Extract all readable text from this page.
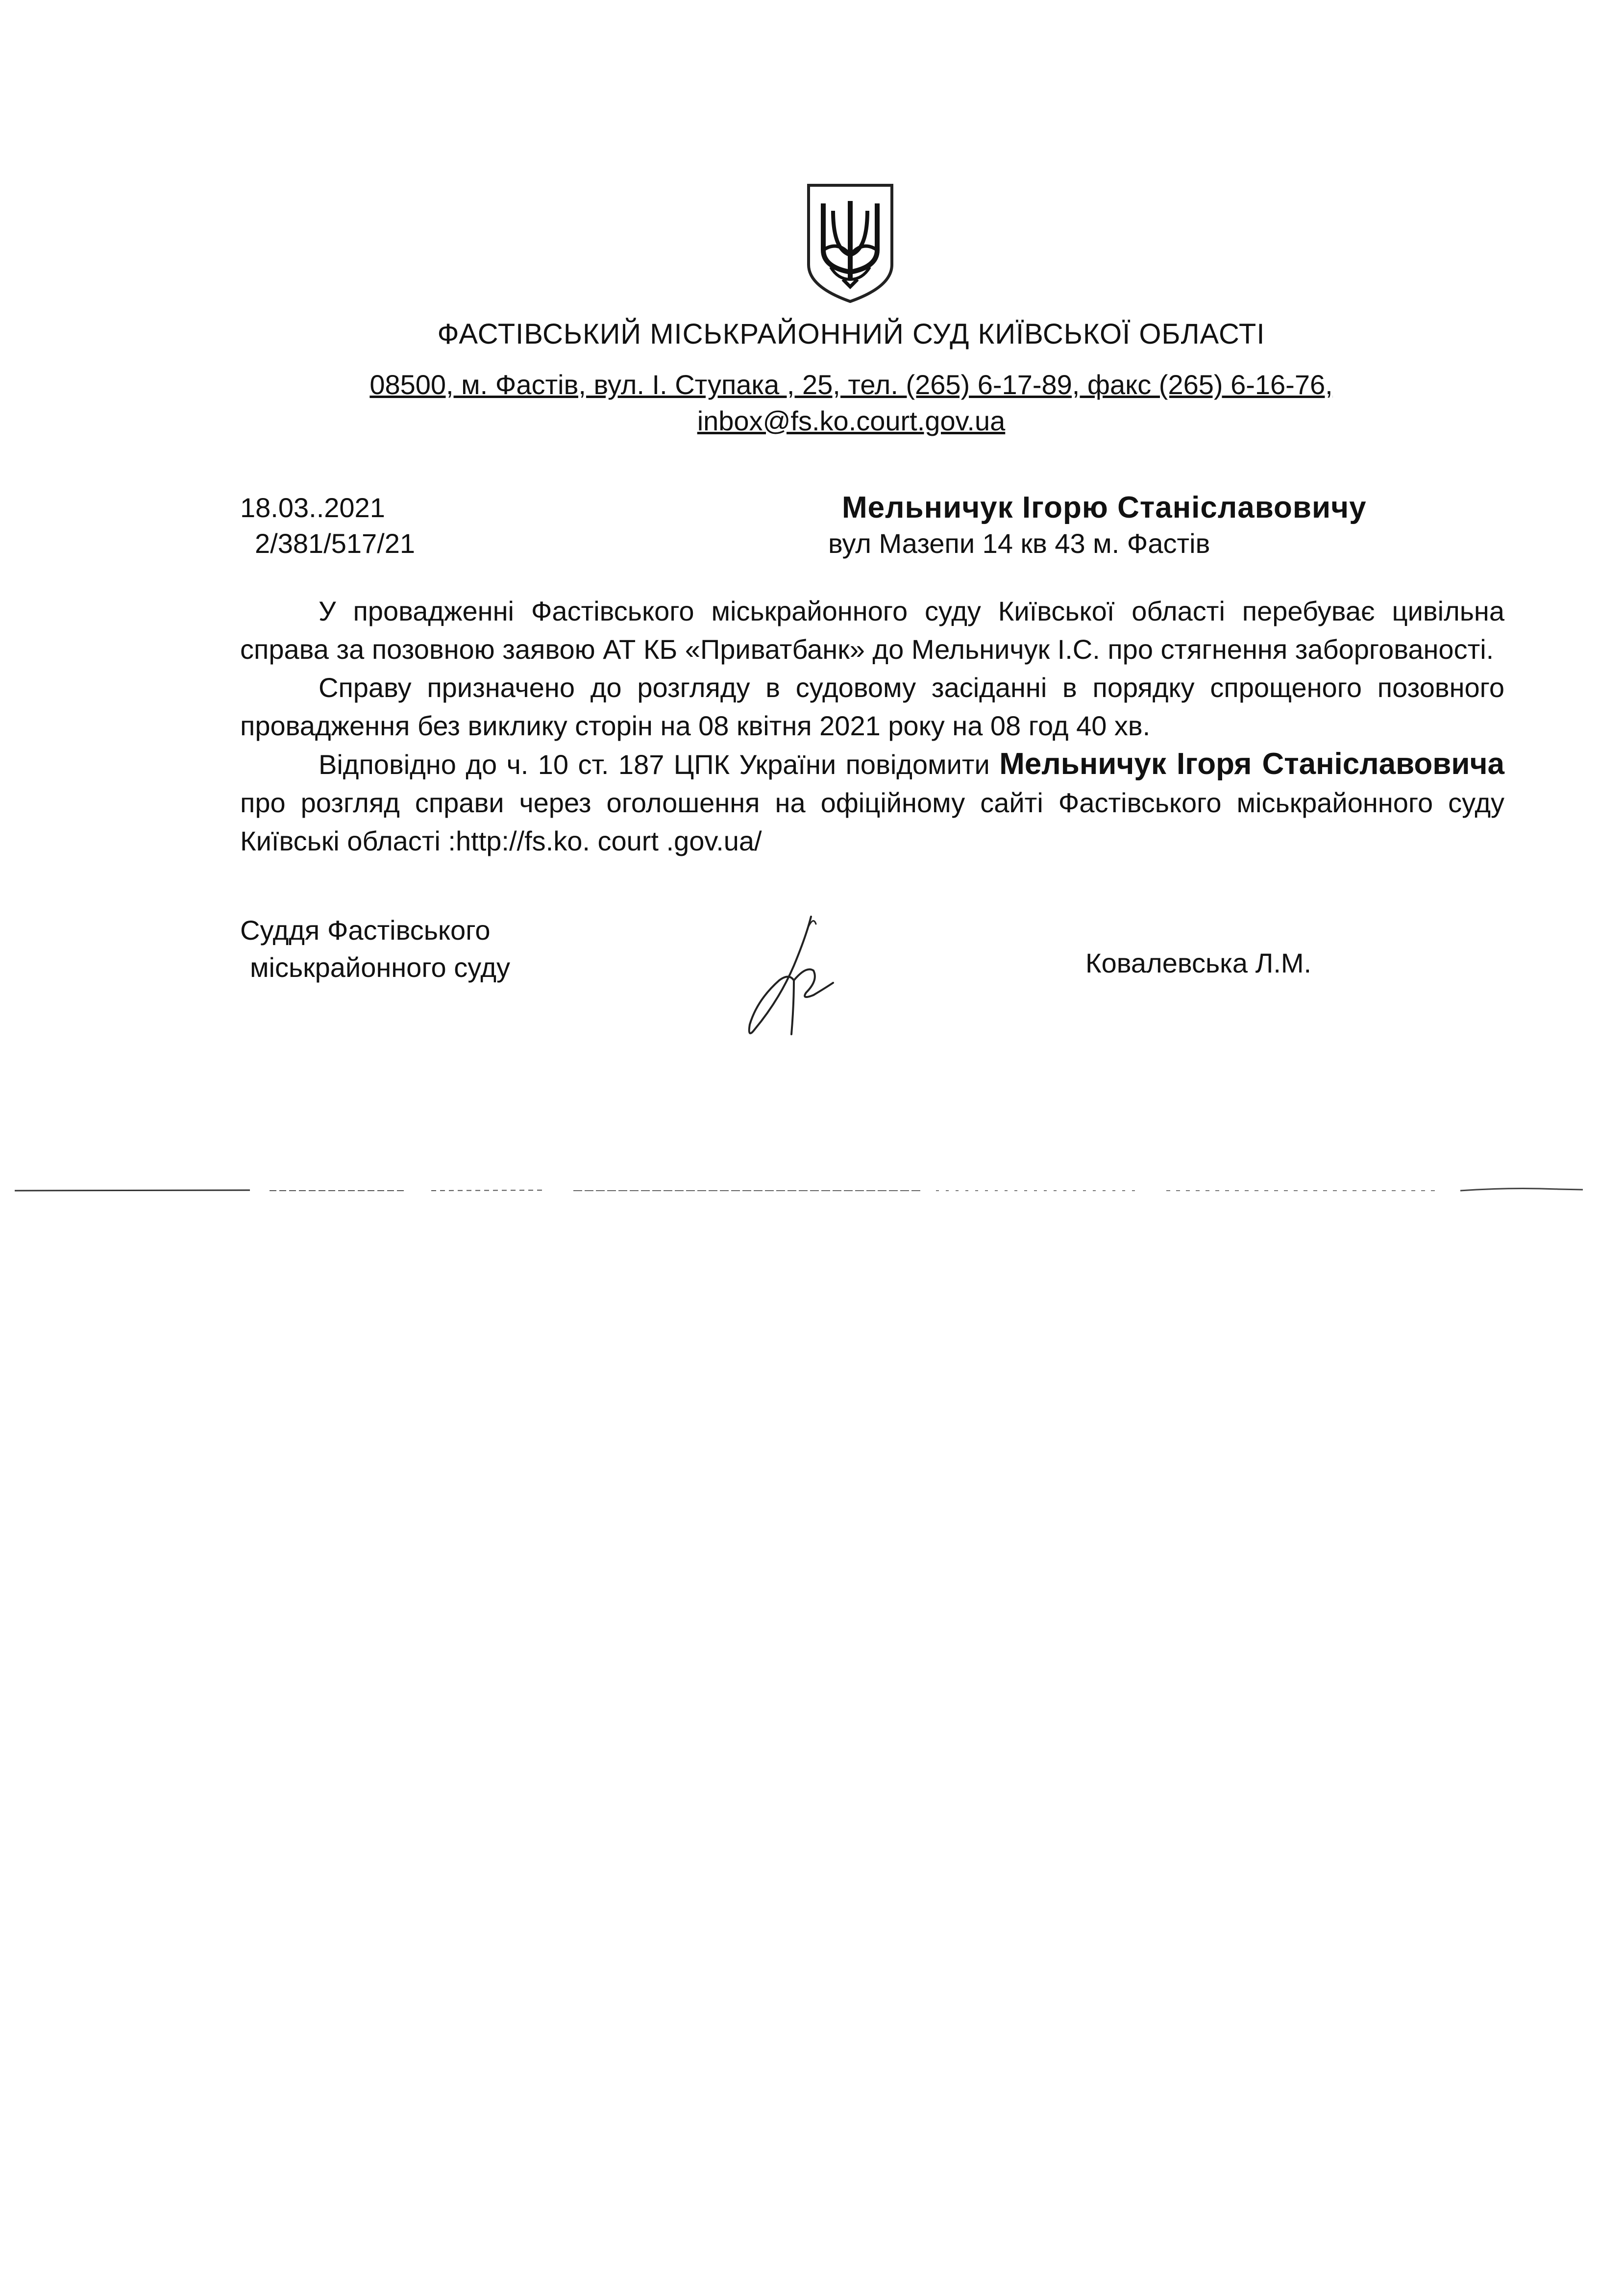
ФАСТІВСЬКИЙ МІСЬКРАЙОННИЙ СУД КИЇВСЬКОЇ ОБЛАСТІ
08500, м. Фастів, вул. І. Ступака , 25, тел. (265) 6-17-89, факс (265) 6-16-76,
inbox@fs.ko.court.gov.ua
18.03..2021
2/381/517/21
Мельничук Ігорю Станіславовичу
вул Мазепи 14 кв 43 м. Фастів

У провадженні Фастівського міськрайонного суду Київської області перебуває цивільна справа за позовною заявою АТ КБ «Приватбанк» до Мельничук І.С. про стягнення заборгованості.

Справу призначено до розгляду в судовому засіданні в порядку спрощеного позовного провадження без виклику сторін на 08 квітня 2021 року на 08 год 40 хв.

Відповідно до ч. 10 ст. 187 ЦПК України повідомити Мельничук Ігоря Станіславовича про розгляд справи через оголошення на офіційному сайті Фастівського міськрайонного суду Київські області :http://fs.ko. court .gov.ua/

Суддя Фастівського
міськрайонного суду	Ковалевська Л.М.
